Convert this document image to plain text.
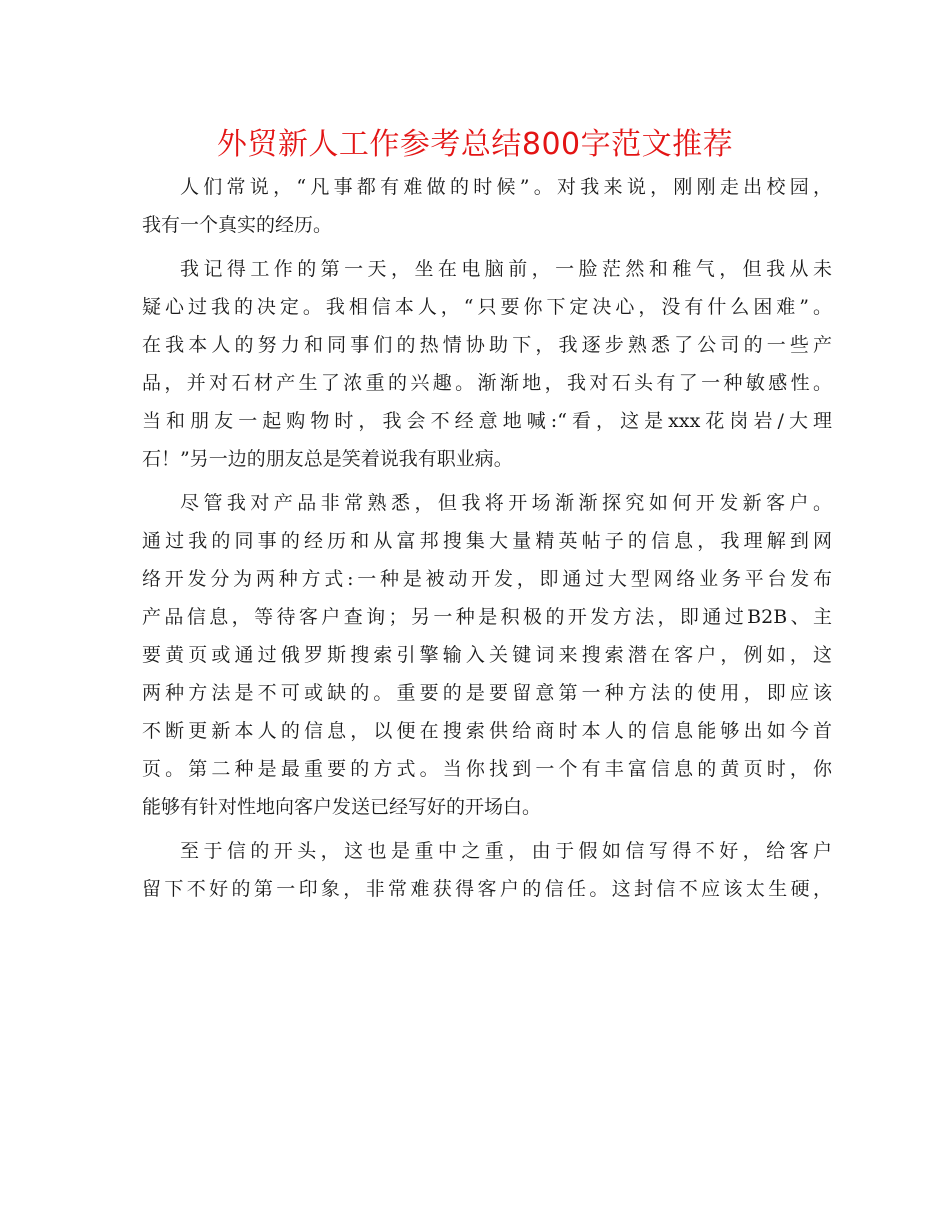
外贸新人工作参考总结800字范文推荐
人们常说，“凡事都有难做的时候”。对我来说，刚刚走出校园，
我有一个真实的经历。
我记得工作的第一天，坐在电脑前，一脸茫然和稚气，但我从未
疑心过我的决定。我相信本人，“只要你下定决心，没有什么困难”。
在我本人的努力和同事们的热情协助下，我逐步熟悉了公司的一些产
品，并对石材产生了浓重的兴趣。渐渐地，我对石头有了一种敏感性。
当和朋友一起购物时，我会不经意地喊:“看，这是xxx花岗岩/大理
石！”另一边的朋友总是笑着说我有职业病。
尽管我对产品非常熟悉，但我将开场渐渐探究如何开发新客户。
通过我的同事的经历和从富邦搜集大量精英帖子的信息，我理解到网
络开发分为两种方式:一种是被动开发，即通过大型网络业务平台发布
产品信息，等待客户查询；另一种是积极的开发方法，即通过B2B、主
要黄页或通过俄罗斯搜索引擎输入关键词来搜索潜在客户，例如，这
两种方法是不可或缺的。重要的是要留意第一种方法的使用，即应该
不断更新本人的信息，以便在搜索供给商时本人的信息能够出如今首
页。第二种是最重要的方式。当你找到一个有丰富信息的黄页时，你
能够有针对性地向客户发送已经写好的开场白。
至于信的开头，这也是重中之重，由于假如信写得不好，给客户
留下不好的第一印象，非常难获得客户的信任。这封信不应该太生硬，
